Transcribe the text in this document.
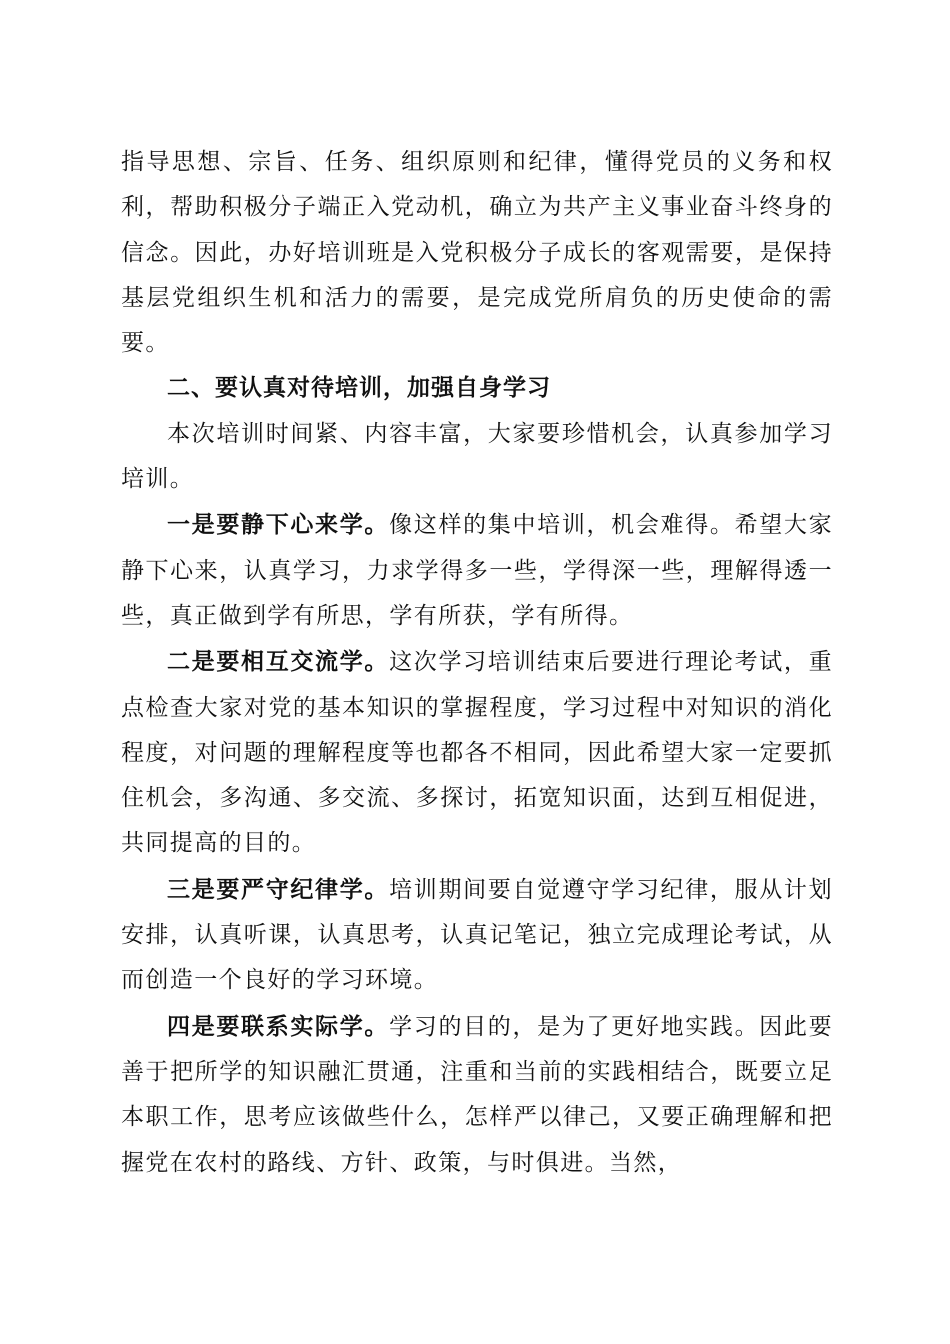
指导思想、宗旨、任务、组织原则和纪律，懂得党员的义务和权利，帮助积极分子端正入党动机，确立为共产主义事业奋斗终身的信念。因此，办好培训班是入党积极分子成长的客观需要，是保持基层党组织生机和活力的需要，是完成党所肩负的历史使命的需要。

二、要认真对待培训，加强自身学习

本次培训时间紧、内容丰富，大家要珍惜机会，认真参加学习培训。

一是要静下心来学。像这样的集中培训，机会难得。希望大家静下心来，认真学习，力求学得多一些，学得深一些，理解得透一些，真正做到学有所思，学有所获，学有所得。

二是要相互交流学。这次学习培训结束后要进行理论考试，重点检查大家对党的基本知识的掌握程度，学习过程中对知识的消化程度，对问题的理解程度等也都各不相同，因此希望大家一定要抓住机会，多沟通、多交流、多探讨，拓宽知识面，达到互相促进，共同提高的目的。

三是要严守纪律学。培训期间要自觉遵守学习纪律，服从计划安排，认真听课，认真思考，认真记笔记，独立完成理论考试，从而创造一个良好的学习环境。

四是要联系实际学。学习的目的，是为了更好地实践。因此要善于把所学的知识融汇贯通，注重和当前的实践相结合，既要立足本职工作，思考应该做些什么，怎样严以律己，又要正确理解和把握党在农村的路线、方针、政策，与时俱进。当然，
